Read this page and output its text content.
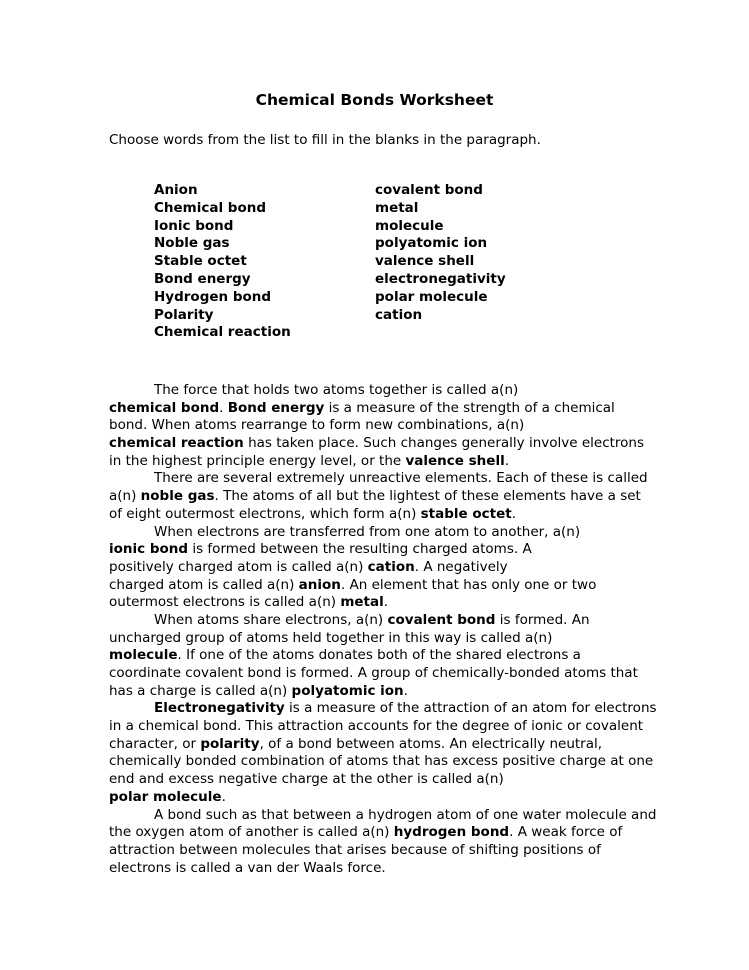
Chemical Bonds Worksheet
Choose words from the list to fill in the blanks in the paragraph.
Anion
Chemical bond
Ionic bond
Noble gas
Stable octet
Bond energy
Hydrogen bond
Polarity
Chemical reaction
covalent bond
metal
molecule
polyatomic ion
valence shell
electronegativity
polar molecule
cation
The force that holds two atoms together is called a(n)
chemical bond. Bond energy is a measure of the strength of a chemical
bond. When atoms rearrange to form new combinations, a(n)
chemical reaction has taken place. Such changes generally involve electrons
in the highest principle energy level, or the valence shell.
There are several extremely unreactive elements. Each of these is called
a(n) noble gas. The atoms of all but the lightest of these elements have a set
of eight outermost electrons, which form a(n) stable octet.
When electrons are transferred from one atom to another, a(n)
ionic bond is formed between the resulting charged atoms. A
positively charged atom is called a(n) cation. A negatively
charged atom is called a(n) anion. An element that has only one or two
outermost electrons is called a(n) metal.
When atoms share electrons, a(n) covalent bond is formed. An
uncharged group of atoms held together in this way is called a(n)
molecule. If one of the atoms donates both of the shared electrons a
coordinate covalent bond is formed. A group of chemically-bonded atoms that
has a charge is called a(n) polyatomic ion.
Electronegativity is a measure of the attraction of an atom for electrons
in a chemical bond. This attraction accounts for the degree of ionic or covalent
character, or polarity, of a bond between atoms. An electrically neutral,
chemically bonded combination of atoms that has excess positive charge at one
end and excess negative charge at the other is called a(n)
polar molecule.
A bond such as that between a hydrogen atom of one water molecule and
the oxygen atom of another is called a(n) hydrogen bond. A weak force of
attraction between molecules that arises because of shifting positions of
electrons is called a van der Waals force.
